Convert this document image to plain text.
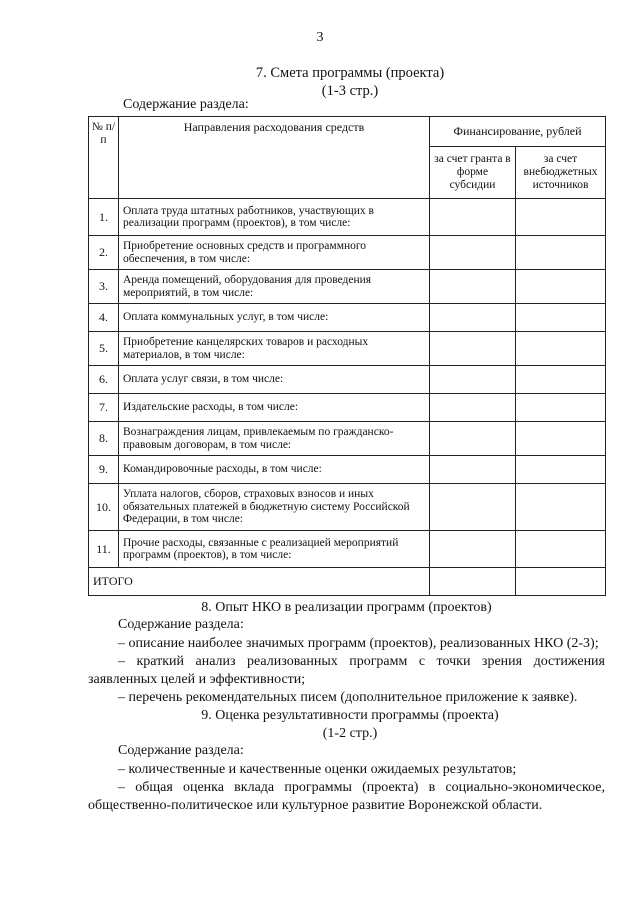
3
7. Смета программы (проекта)
(1-3 стр.)
Содержание раздела:
№ п/п	Направления расходования средств	Финансирование, рублей	
		за счет гранта в форме субсидии	за счет внебюджетных источников
1.	Оплата труда штатных работников, участвующих в реализации программ (проектов), в том числе:		
2.	Приобретение основных средств и программного обеспечения, в том числе:		
3.	Аренда помещений, оборудования для проведения мероприятий, в том числе:		
4.	Оплата коммунальных услуг, в том числе:		
5.	Приобретение канцелярских товаров и расходных материалов, в том числе:		
6.	Оплата услуг связи, в том числе:		
7.	Издательские расходы, в том числе:		
8.	Вознаграждения лицам, привлекаемым по гражданско-правовым договорам, в том числе:		
9.	Командировочные расходы, в том числе:		
10.	Уплата налогов, сборов, страховых взносов и иных обязательных платежей в бюджетную систему Российской Федерации, в том числе:		
11.	Прочие расходы, связанные с реализацией мероприятий программ (проектов), в том числе:		
ИТОГО			
8. Опыт НКО в реализации программ (проектов)
Содержание раздела:
– описание наиболее значимых программ (проектов), реализованных НКО (2-3);
– краткий анализ реализованных программ с точки зрения достижения
заявленных целей и эффективности;
– перечень рекомендательных писем (дополнительное приложение к заявке).
9. Оценка результативности программы (проекта)
(1-2 стр.)
Содержание раздела:
– количественные и качественные оценки ожидаемых результатов;
– общая оценка вклада программы (проекта) в социально-экономическое,
общественно-политическое или культурное развитие Воронежской области.
